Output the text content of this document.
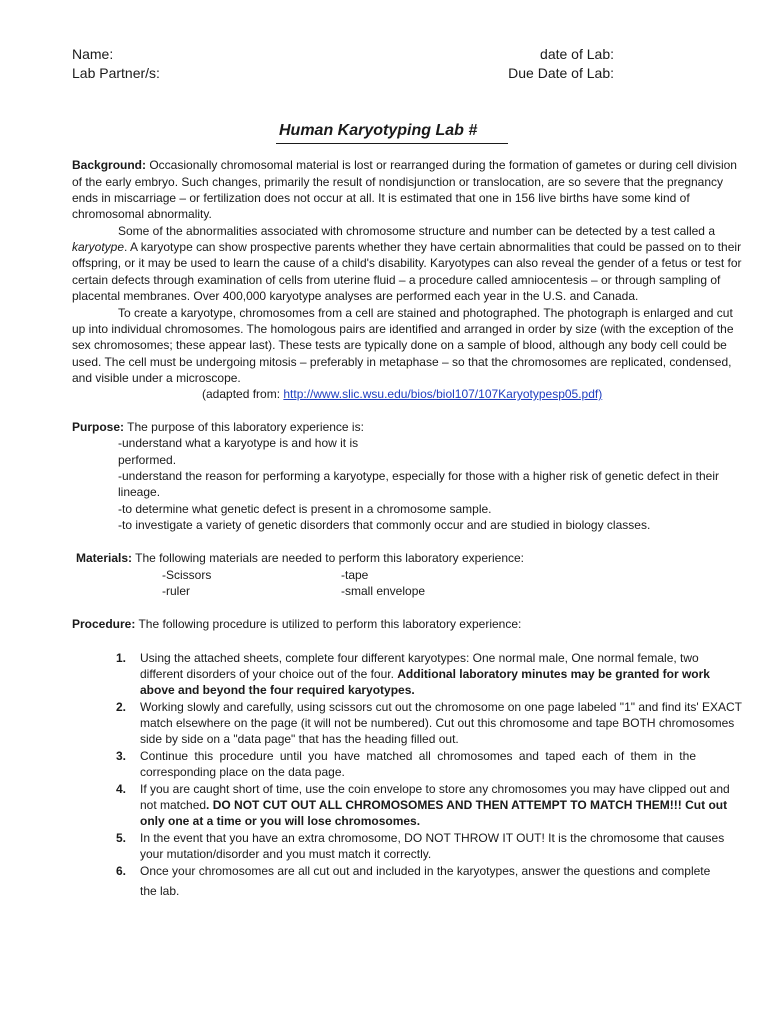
Name:
Lab Partner/s:
date of Lab:
Due Date of Lab:
Human Karyotyping Lab #
Background: Occasionally chromosomal material is lost or rearranged during the formation of gametes or during cell division
of the early embryo. Such changes, primarily the result of nondisjunction or translocation, are so severe that the pregnancy
ends in miscarriage – or fertilization does not occur at all. It is estimated that one in 156 live births have some kind of
chromosomal abnormality.
Some of the abnormalities associated with chromosome structure and number can be detected by a test called a
karyotype. A karyotype can show prospective parents whether they have certain abnormalities that could be passed on to their
offspring, or it may be used to learn the cause of a child's disability. Karyotypes can also reveal the gender of a fetus or test for
certain defects through examination of cells from uterine fluid – a procedure called amniocentesis – or through sampling of
placental membranes. Over 400,000 karyotype analyses are performed each year in the U.S. and Canada.
To create a karyotype, chromosomes from a cell are stained and photographed. The photograph is enlarged and cut
up into individual chromosomes. The homologous pairs are identified and arranged in order by size (with the exception of the
sex chromosomes; these appear last). These tests are typically done on a sample of blood, although any body cell could be
used. The cell must be undergoing mitosis – preferably in metaphase – so that the chromosomes are replicated, condensed,
and visible under a microscope.
(adapted from: http://www.slic.wsu.edu/bios/biol107/107Karyotypesp05.pdf)
Purpose: The purpose of this laboratory experience is:
-understand what a karyotype is and how it is
performed.
-understand the reason for performing a karyotype, especially for those with a higher risk of genetic defect in their
lineage.
-to determine what genetic defect is present in a chromosome sample.
-to investigate a variety of genetic disorders that commonly occur and are studied in biology classes.
Materials: The following materials are needed to perform this laboratory experience:
-Scissors	-tape
-ruler	-small envelope
Procedure: The following procedure is utilized to perform this laboratory experience:
1. Using the attached sheets, complete four different karyotypes: One normal male, One normal female, two
different disorders of your choice out of the four. Additional laboratory minutes may be granted for work
above and beyond the four required karyotypes.
2. Working slowly and carefully, using scissors cut out the chromosome on one page labeled "1" and find its' EXACT
match elsewhere on the page (it will not be numbered). Cut out this chromosome and tape BOTH chromosomes
side by side on a "data page" that has the heading filled out.
3. Continue this procedure until you have matched all chromosomes and taped each of them in the
corresponding place on the data page.
4. If you are caught short of time, use the coin envelope to store any chromosomes you may have clipped out and
not matched. DO NOT CUT OUT ALL CHROMOSOMES AND THEN ATTEMPT TO MATCH THEM!!! Cut out
only one at a time or you will lose chromosomes.
5. In the event that you have an extra chromosome, DO NOT THROW IT OUT! It is the chromosome that causes
your mutation/disorder and you must match it correctly.
6. Once your chromosomes are all cut out and included in the karyotypes, answer the questions and complete
the lab.
